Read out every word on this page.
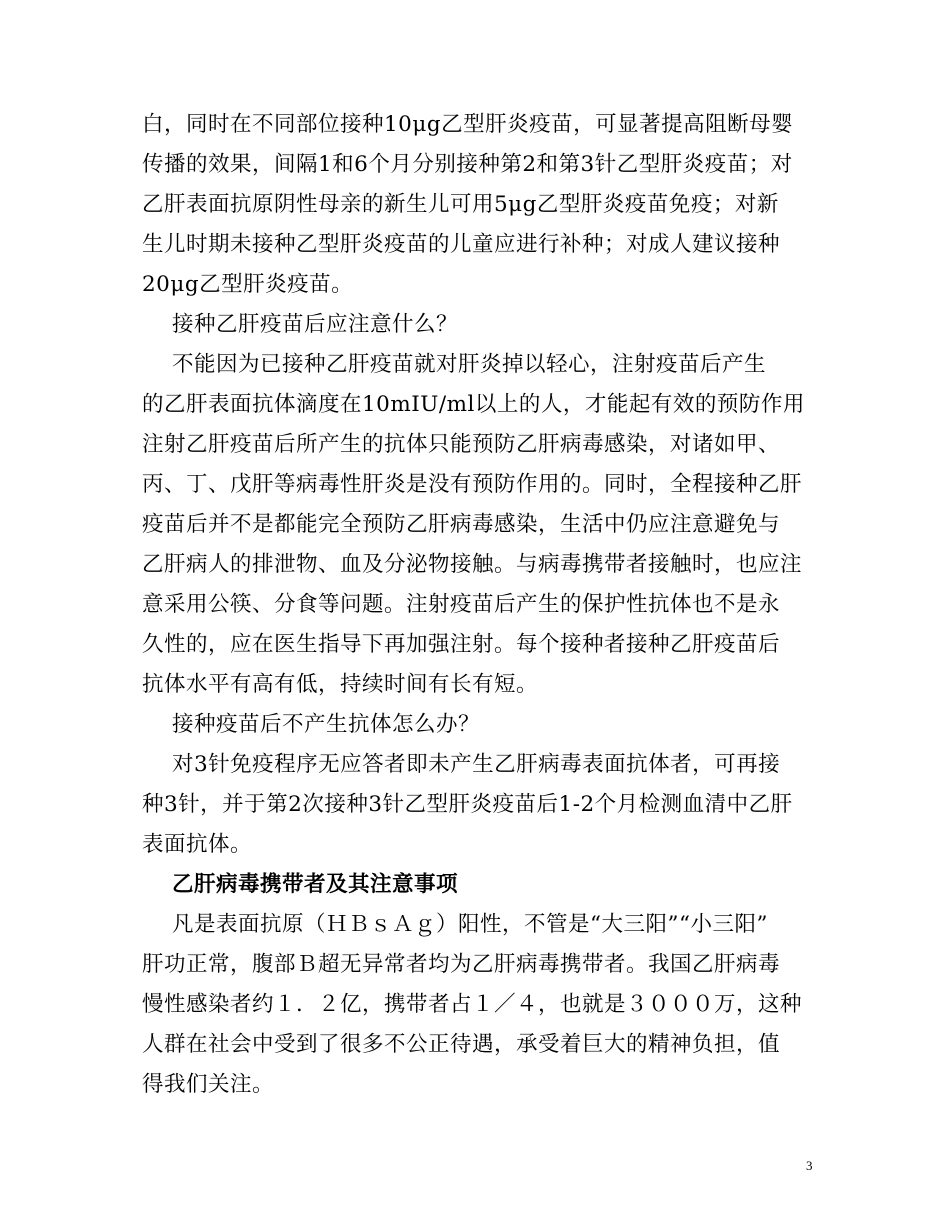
白，同时在不同部位接种10μg乙型肝炎疫苗，可显著提高阻断母婴
传播的效果，间隔1和6个月分别接种第2和第3针乙型肝炎疫苗；对
乙肝表面抗原阴性母亲的新生儿可用5μg乙型肝炎疫苗免疫；对新
生儿时期未接种乙型肝炎疫苗的儿童应进行补种；对成人建议接种
20μg乙型肝炎疫苗。
接种乙肝疫苗后应注意什么？
不能因为已接种乙肝疫苗就对肝炎掉以轻心，注射疫苗后产生
的乙肝表面抗体滴度在10mIU/ml以上的人，才能起有效的预防作用
注射乙肝疫苗后所产生的抗体只能预防乙肝病毒感染，对诸如甲、
丙、丁、戊肝等病毒性肝炎是没有预防作用的。同时，全程接种乙肝
疫苗后并不是都能完全预防乙肝病毒感染，生活中仍应注意避免与
乙肝病人的排泄物、血及分泌物接触。与病毒携带者接触时，也应注
意采用公筷、分食等问题。注射疫苗后产生的保护性抗体也不是永
久性的，应在医生指导下再加强注射。每个接种者接种乙肝疫苗后
抗体水平有高有低，持续时间有长有短。
接种疫苗后不产生抗体怎么办？
对3针免疫程序无应答者即未产生乙肝病毒表面抗体者，可再接
种3针，并于第2次接种3针乙型肝炎疫苗后1-2个月检测血清中乙肝
表面抗体。
乙肝病毒携带者及其注意事项
凡是表面抗原（ＨＢｓＡｇ）阳性，不管是“大三阳”“小三阳”
肝功正常，腹部Ｂ超无异常者均为乙肝病毒携带者。我国乙肝病毒
慢性感染者约１．２亿，携带者占１／４，也就是３０００万，这种
人群在社会中受到了很多不公正待遇，承受着巨大的精神负担，值
得我们关注。
3
